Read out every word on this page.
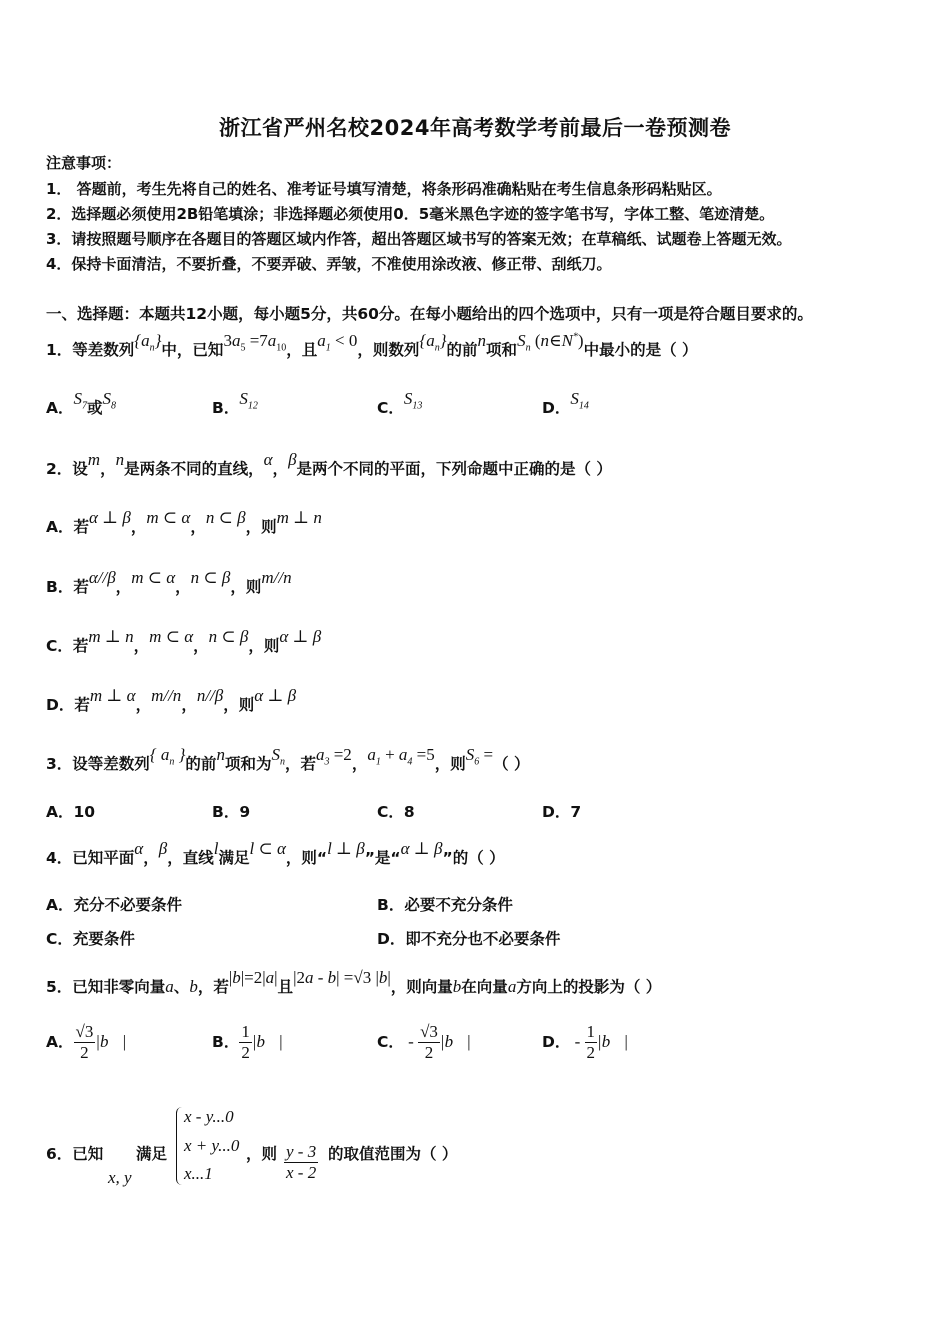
浙江省严州名校2024年高考数学考前最后一卷预测卷
注意事项：
1． 答题前，考生先将自己的姓名、准考证号填写清楚，将条形码准确粘贴在考生信息条形码粘贴区。
2．选择题必须使用2B铅笔填涂；非选择题必须使用0．5毫米黑色字迹的签字笔书写，字体工整、笔迹清楚。
3．请按照题号顺序在各题目的答题区域内作答，超出答题区域书写的答案无效；在草稿纸、试题卷上答题无效。
4．保持卡面清洁，不要折叠，不要弄破、弄皱，不准使用涂改液、修正带、刮纸刀。
一、选择题：本题共12小题，每小题5分，共60分。在每小题给出的四个选项中，只有一项是符合题目要求的。
1．等差数列$\{a_n\}$中，已知$3a_5 =7a_{10}$，且$a_1 < 0$，则数列$\{a_n\}$的前n项和$S_n$ (n∈N*)中最小的是（ ）
A．$S_7$或$S_8$	B．$S_{12}$	C．$S_{13}$	D．$S_{14}$
2．设m，n是两条不同的直线，α，β是两个不同的平面，下列命题中正确的是（ ）
A．若α ⊥ β，m ⊂ α，n ⊂ β，则m ⊥ n
B．若α//β，m ⊂ α，n ⊂ β，则m//n
C．若m ⊥ n，m ⊂ α，n ⊂ β，则α ⊥ β
D．若m ⊥ α，m//n，n//β，则α ⊥ β
3．设等差数列{ $a_n$ }的前n项和为$S_n$，若$a_3 =2$，$a_1 + a_4 =5$，则$S_6$ =（ ）
A．10	B．9	C．8	D．7
4．已知平面α，β，直线l满足l ⊂ α，则“l ⊥ β”是“α ⊥ β”的（ ）
A．充分不必要条件	B．必要不充分条件
C．充要条件	D．即不充分也不必要条件
5．已知非零向量a、b，若|b|=2|a|且|2a - b| =√3 |b|，则向量b在向量a方向上的投影为（ ）
A． $\frac{√3}{2}$ |b⃗|	B． $\frac{1}{2}$ |b⃗|	C． - $\frac{√3}{2}$ |b⃗|	D． - $\frac{1}{2}$ |b⃗|
6．已知
x, y
满足
x - y...0
x + y...0
x...1
，则 $\frac{y - 3}{x - 2}$ 的取值范围为（ ）
